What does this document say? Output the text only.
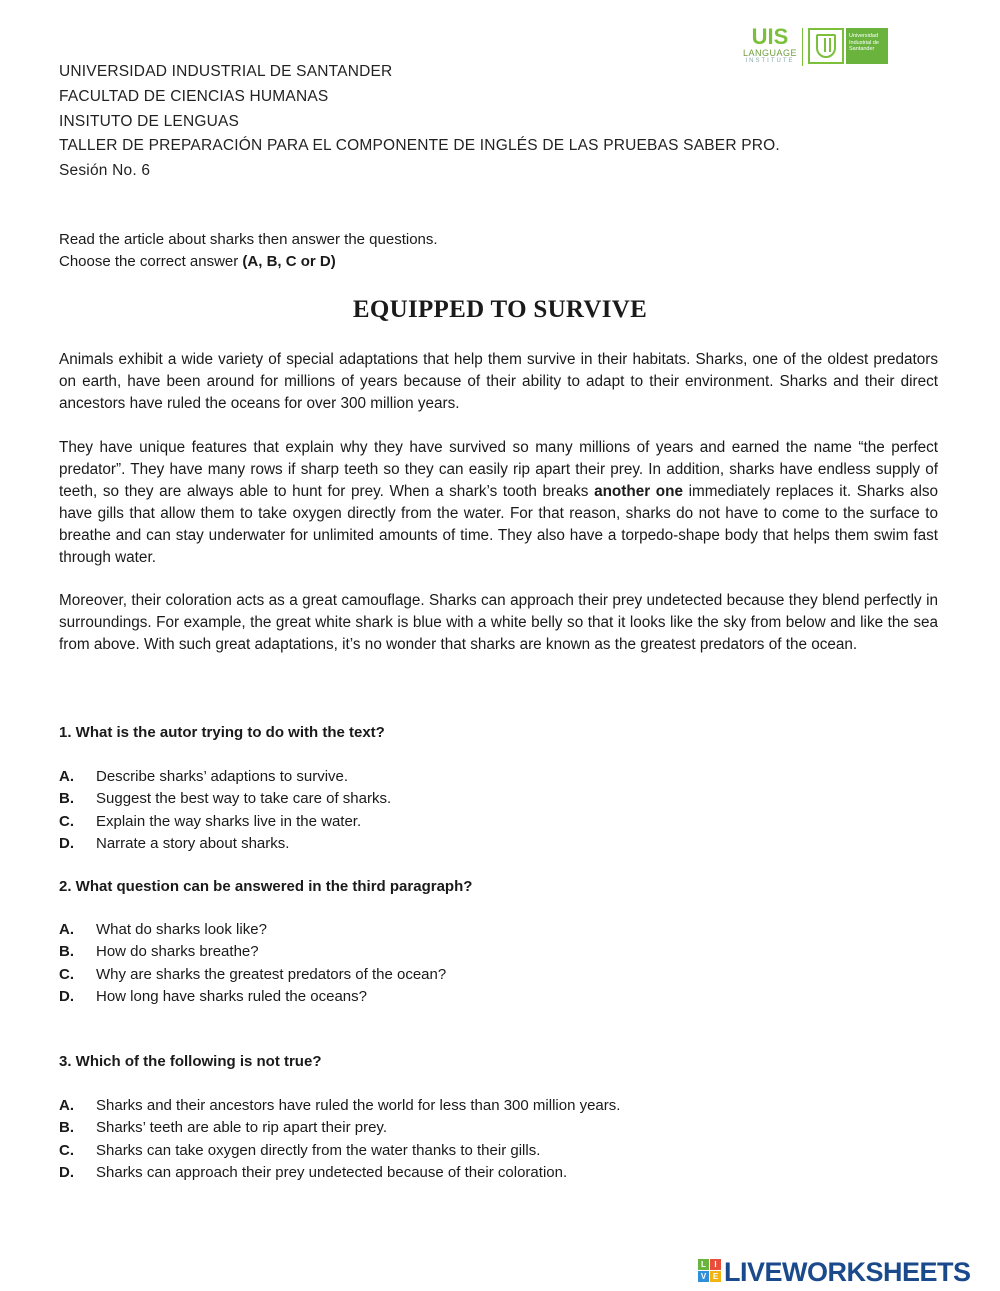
UIS
LANGUAGE
INSTITUTE
Universidad Industrial de Santander
UNIVERSIDAD INDUSTRIAL DE SANTANDER
FACULTAD DE CIENCIAS HUMANAS
INSITUTO DE LENGUAS
TALLER DE PREPARACIÓN PARA EL COMPONENTE DE INGLÉS DE LAS PRUEBAS SABER PRO.
Sesión No. 6
Read the article about sharks then answer the questions.
Choose the correct answer (A, B, C or D)
EQUIPPED TO SURVIVE
Animals exhibit a wide variety of special adaptations that help them survive in their habitats. Sharks, one of the oldest predators on earth, have been around for millions of years because of their ability to adapt to their environment. Sharks and their direct ancestors have ruled the oceans for over 300 million years.
They have unique features that explain why they have survived so many millions of years and earned the name “the perfect predator”. They have many rows if sharp teeth so they can easily rip apart their prey. In addition, sharks have endless supply of teeth, so they are always able to hunt for prey. When a shark’s tooth breaks another one immediately replaces it. Sharks also have gills that allow them to take oxygen directly from the water. For that reason, sharks do not have to come to the surface to breathe and can stay underwater for unlimited amounts of time. They also have a torpedo-shape body that helps them swim fast through water.
Moreover, their coloration acts as a great camouflage. Sharks can approach their prey undetected because they blend perfectly in surroundings. For example, the great white shark is blue with a white belly so that it looks like the sky from below and like the sea from above. With such great adaptations, it’s no wonder that sharks are known as the greatest predators of the ocean.
1. What is the autor trying to do with the text?
A. Describe sharks’ adaptions to survive.
B. Suggest the best way to take care of sharks.
C. Explain the way sharks live in the water.
D. Narrate a story about sharks.
2. What question can be answered in the third paragraph?
A. What do sharks look like?
B. How do sharks breathe?
C. Why are sharks the greatest predators of the ocean?
D. How long have sharks ruled the oceans?
3. Which of the following is not true?
A. Sharks and their ancestors have ruled the world for less than 300 million years.
B. Sharks’ teeth are able to rip apart their prey.
C. Sharks can take oxygen directly from the water thanks to their gills.
D. Sharks can approach their prey undetected because of their coloration.
L	I
V E LIVEWORKSHEETS
